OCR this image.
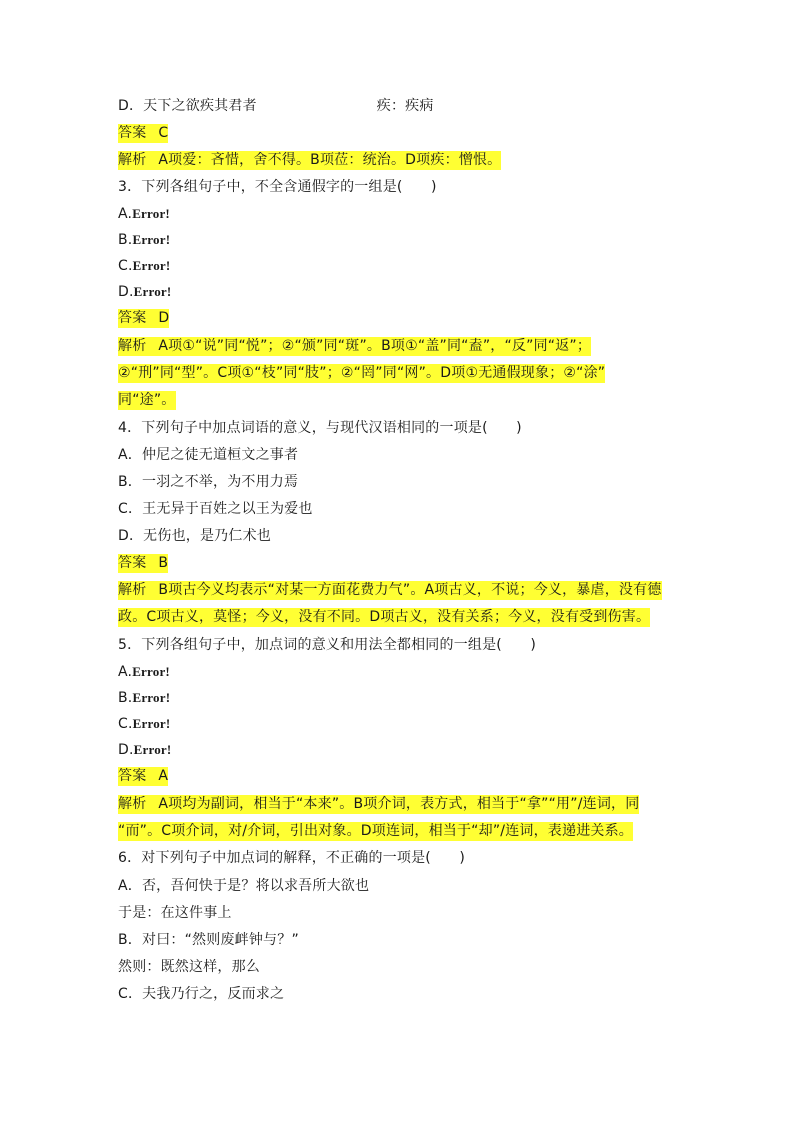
D．天下之欲疾其君者	疾：疾病
答案 C
解析 A项爱：吝惜，舍不得。B项莅：统治。D项疾：憎恨。
3．下列各组句子中，不全含通假字的一组是(　　)
A.Error!
B.Error!
C.Error!
D.Error!
答案 D
解析 A项①“说”同“悦”；②“颁”同“斑”。B项①“盖”同“盍”，“反”同“返”；
②“刑”同“型”。C项①“枝”同“肢”；②“罔”同“网”。D项①无通假现象；②“涂”
同“途”。
4．下列句子中加点词语的意义，与现代汉语相同的一项是(　　)
A．仲尼之徒无道桓文之事者
B．一羽之不举，为不用力焉
C．王无异于百姓之以王为爱也
D．无伤也，是乃仁术也
答案 B
解析 B项古今义均表示“对某一方面花费力气”。A项古义，不说；今义，暴虐，没有德
政。C项古义，莫怪；今义，没有不同。D项古义，没有关系；今义，没有受到伤害。
5．下列各组句子中，加点词的意义和用法全都相同的一组是(　　)
A.Error!
B.Error!
C.Error!
D.Error!
答案 A
解析 A项均为副词，相当于“本来”。B项介词，表方式，相当于“拿”“用”/连词，同
“而”。C项介词，对/介词，引出对象。D项连词，相当于“却”/连词，表递进关系。
6．对下列句子中加点词的解释，不正确的一项是(　　)
A．否，吾何快于是？将以求吾所大欲也
于是：在这件事上
B．对曰：“然则废衅钟与？”
然则：既然这样，那么
C．夫我乃行之，反而求之
